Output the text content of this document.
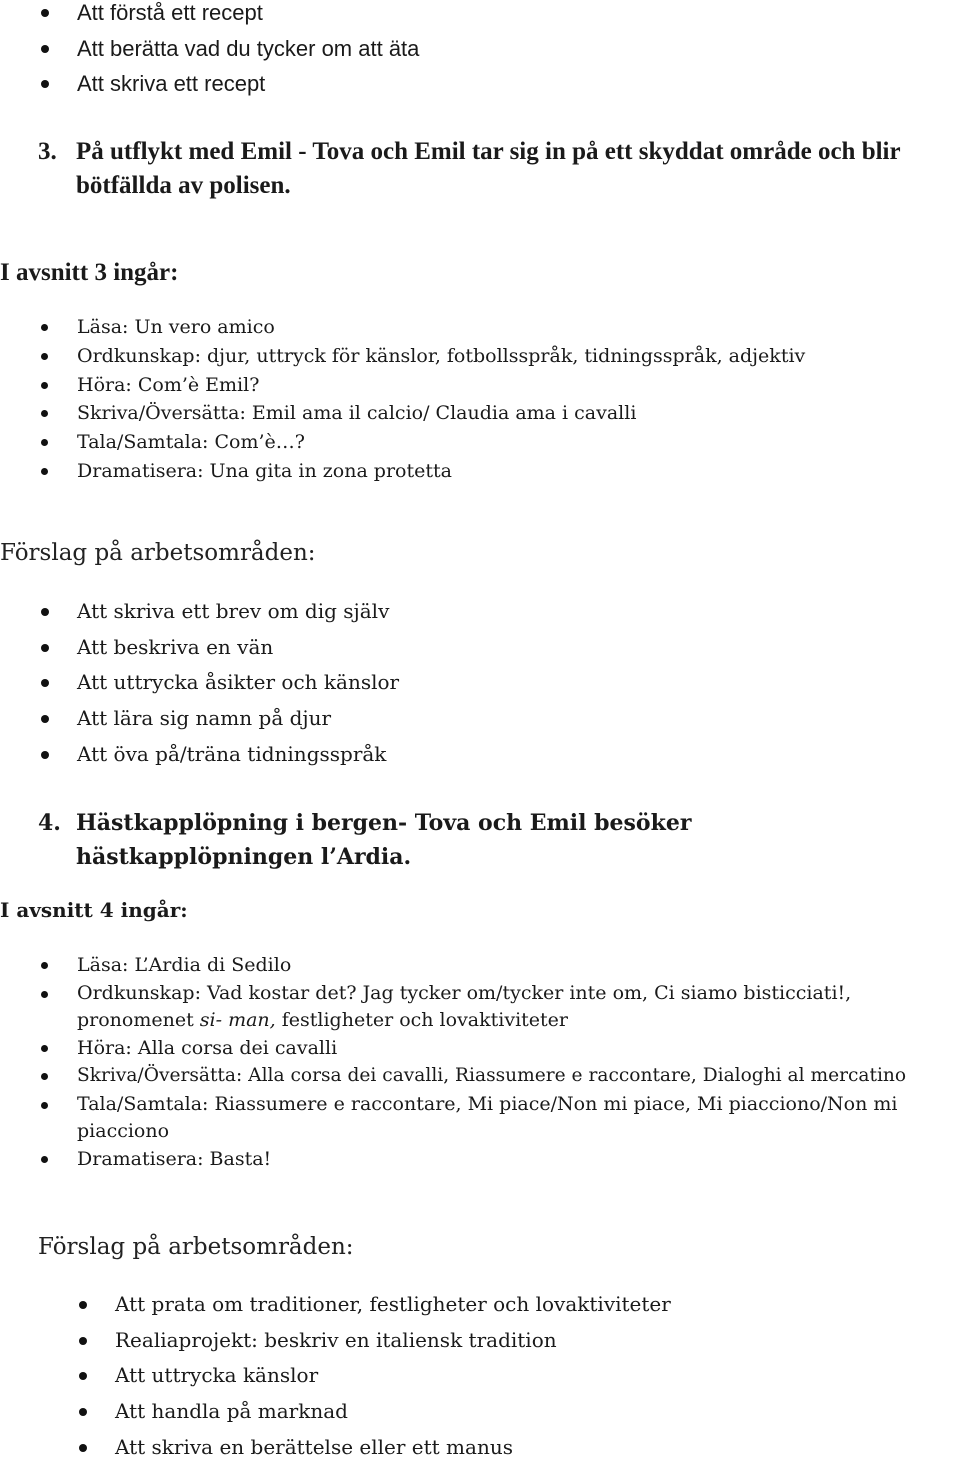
Att förstå ett recept
Att berätta vad du tycker om att äta
Att skriva ett recept
3. På utflykt med Emil - Tova och Emil tar sig in på ett skyddat område och blir bötfällda av polisen.

I avsnitt 3 ingår:

Läsa: Un vero amico
Ordkunskap: djur, uttryck för känslor, fotbollsspråk, tidningsspråk, adjektiv
Höra: Com’è Emil?
Skriva/Översätta: Emil ama il calcio/ Claudia ama i cavalli
Tala/Samtala: Com’è…?
Dramatisera: Una gita in zona protetta

Förslag på arbetsområden:

Att skriva ett brev om dig själv
Att beskriva en vän
Att uttrycka åsikter och känslor
Att lära sig namn på djur
Att öva på/träna tidningsspråk
4. Hästkapplöpning i bergen- Tova och Emil besöker hästkapplöpningen l’Ardia.

I avsnitt 4 ingår:

Läsa: L’Ardia di Sedilo
Ordkunskap: Vad kostar det? Jag tycker om/tycker inte om, Ci siamo bisticciati!, pronomenet si- man, festligheter och lovaktiviteter
Höra: Alla corsa dei cavalli
Skriva/Översätta: Alla corsa dei cavalli, Riassumere e raccontare, Dialoghi al mercatino
Tala/Samtala: Riassumere e raccontare, Mi piace/Non mi piace, Mi piacciono/Non mi piacciono
Dramatisera: Basta!

Förslag på arbetsområden:

Att prata om traditioner, festligheter och lovaktiviteter
Realiaprojekt: beskriv en italiensk tradition
Att uttrycka känslor
Att handla på marknad
Att skriva en berättelse eller ett manus
